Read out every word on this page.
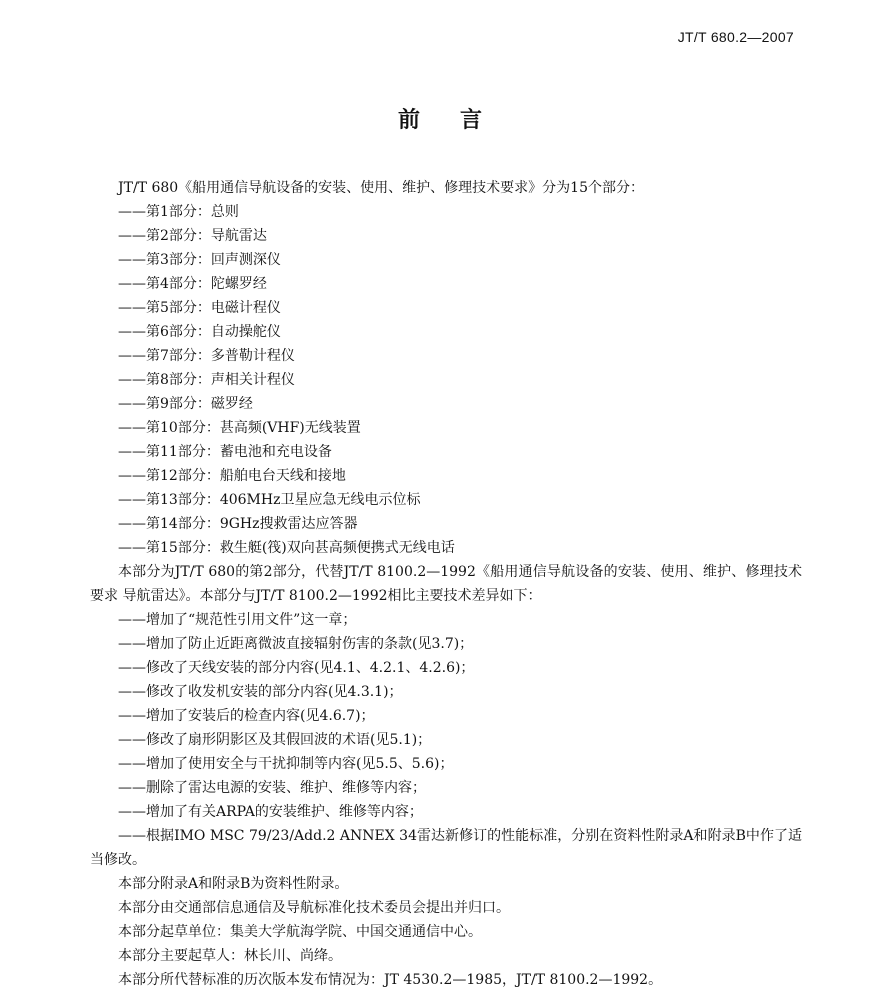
JT/T 680.2—2007
前言

JT/T 680《船用通信导航设备的安装、使用、维护、修理技术要求》分为15个部分：

——第1部分：总则

——第2部分：导航雷达

——第3部分：回声测深仪

——第4部分：陀螺罗经

——第5部分：电磁计程仪

——第6部分：自动操舵仪

——第7部分：多普勒计程仪

——第8部分：声相关计程仪

——第9部分：磁罗经

——第10部分：甚高频(VHF)无线装置

——第11部分：蓄电池和充电设备

——第12部分：船舶电台天线和接地

——第13部分：406MHz卫星应急无线电示位标

——第14部分：9GHz搜救雷达应答器

——第15部分：救生艇(筏)双向甚高频便携式无线电话

本部分为JT/T 680的第2部分，代替JT/T 8100.2—1992《船用通信导航设备的安装、使用、维护、修理技术要求 导航雷达》。本部分与JT/T 8100.2—1992相比主要技术差异如下：

——增加了“规范性引用文件”这一章；

——增加了防止近距离微波直接辐射伤害的条款(见3.7)；

——修改了天线安装的部分内容(见4.1、4.2.1、4.2.6)；

——修改了收发机安装的部分内容(见4.3.1)；

——增加了安装后的检查内容(见4.6.7)；

——修改了扇形阴影区及其假回波的术语(见5.1)；

——增加了使用安全与干扰抑制等内容(见5.5、5.6)；

——删除了雷达电源的安装、维护、维修等内容；

——增加了有关ARPA的安装维护、维修等内容；

——根据IMO MSC 79/23/Add.2 ANNEX 34雷达新修订的性能标准，分别在资料性附录A和附录B中作了适当修改。

本部分附录A和附录B为资料性附录。

本部分由交通部信息通信及导航标准化技术委员会提出并归口。

本部分起草单位：集美大学航海学院、中国交通通信中心。

本部分主要起草人：林长川、尚绛。

本部分所代替标准的历次版本发布情况为：JT 4530.2—1985，JT/T 8100.2—1992。
